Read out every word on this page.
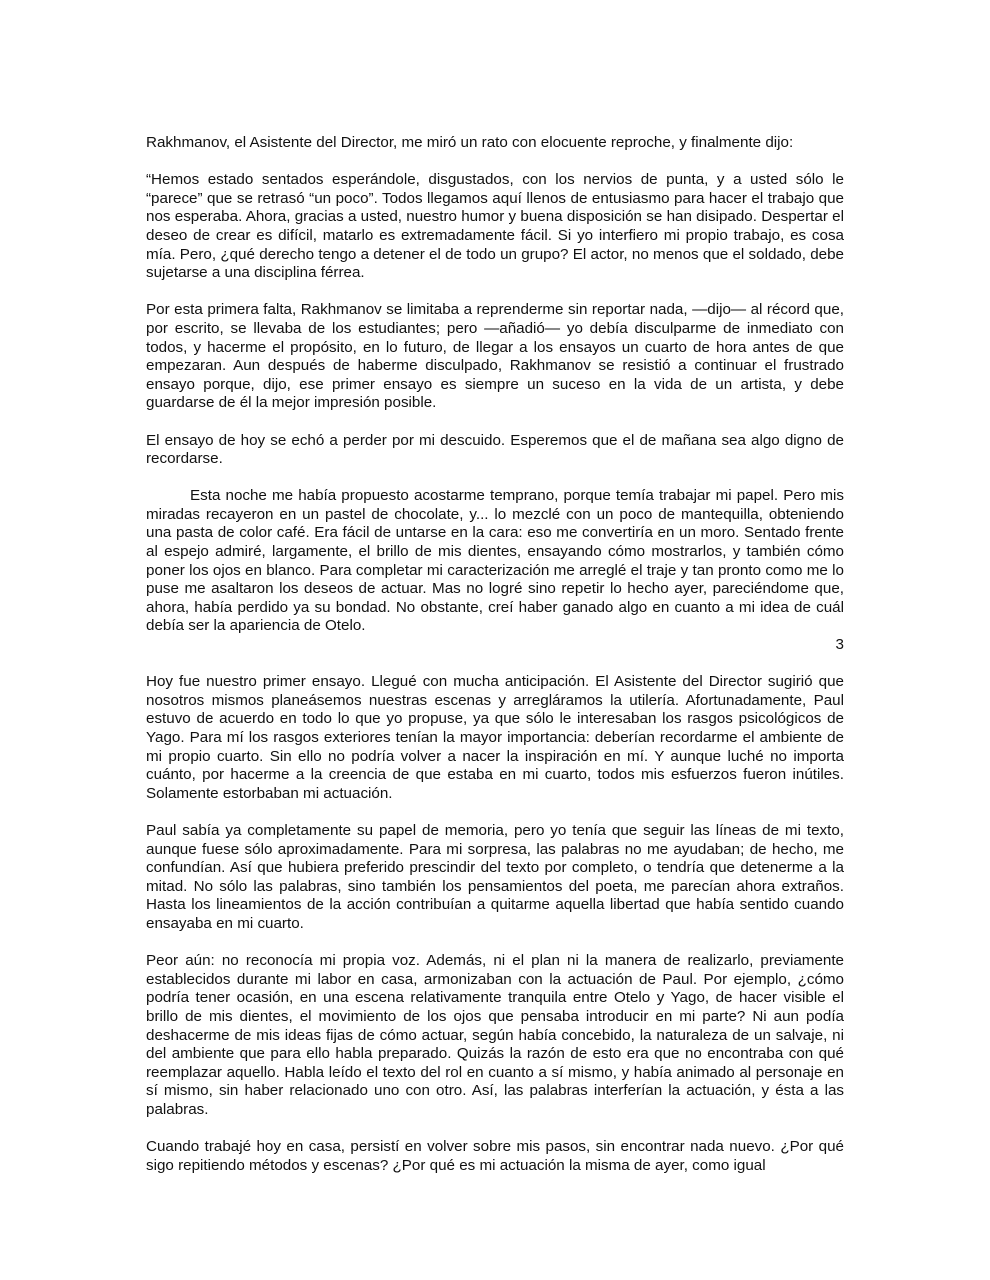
Rakhmanov, el Asistente del Director, me miró un rato con elocuente reproche, y finalmente dijo:

“Hemos estado sentados esperándole, disgustados, con los nervios de punta, y a usted sólo le “parece” que se retrasó “un poco”. Todos llegamos aquí llenos de entusiasmo para hacer el trabajo que nos esperaba. Ahora, gracias a usted, nuestro humor y buena disposición se han disipado. Despertar el deseo de crear es difícil, matarlo es extremadamente fácil. Si yo interfiero mi propio trabajo, es cosa mía. Pero, ¿qué derecho tengo a detener el de todo un grupo? El actor, no menos que el soldado, debe sujetarse a una disciplina férrea.

Por esta primera falta, Rakhmanov se limitaba a reprenderme sin reportar nada, —dijo— al récord que, por escrito, se llevaba de los estudiantes; pero —añadió— yo debía disculparme de inmediato con todos, y hacerme el propósito, en lo futuro, de llegar a los ensayos un cuarto de hora antes de que empezaran. Aun después de haberme disculpado, Rakhmanov se resistió a continuar el frustrado ensayo porque, dijo, ese primer ensayo es siempre un suceso en la vida de un artista, y debe guardarse de él la mejor impresión posible.

El ensayo de hoy se echó a perder por mi descuido. Esperemos que el de mañana sea algo digno de recordarse.

Esta noche me había propuesto acostarme temprano, porque temía trabajar mi papel. Pero mis miradas recayeron en un pastel de chocolate, y... lo mezclé con un poco de mantequilla, obteniendo una pasta de color café. Era fácil de untarse en la cara: eso me convertiría en un moro. Sentado frente al espejo admiré, largamente, el brillo de mis dientes, ensayando cómo mostrarlos, y también cómo poner los ojos en blanco. Para completar mi caracterización me arreglé el traje y tan pronto como me lo puse me asaltaron los deseos de actuar. Mas no logré sino repetir lo hecho ayer, pareciéndome que, ahora, había perdido ya su bondad. No obstante, creí haber ganado algo en cuanto a mi idea de cuál debía ser la apariencia de Otelo.

3

Hoy fue nuestro primer ensayo. Llegué con mucha anticipación. El Asistente del Director sugirió que nosotros mismos planeásemos nuestras escenas y arregláramos la utilería. Afortunadamente, Paul estuvo de acuerdo en todo lo que yo propuse, ya que sólo le interesaban los rasgos psicológicos de Yago. Para mí los rasgos exteriores tenían la mayor importancia: deberían recordarme el ambiente de mi propio cuarto. Sin ello no podría volver a nacer la inspiración en mí. Y aunque luché no importa cuánto, por hacerme a la creencia de que estaba en mi cuarto, todos mis esfuerzos fueron inútiles. Solamente estorbaban mi actuación.

Paul sabía ya completamente su papel de memoria, pero yo tenía que seguir las líneas de mi texto, aunque fuese sólo aproximadamente. Para mi sorpresa, las palabras no me ayudaban; de hecho, me confundían. Así que hubiera preferido prescindir del texto por completo, o tendría que detenerme a la mitad. No sólo las palabras, sino también los pensamientos del poeta, me parecían ahora extraños. Hasta los lineamientos de la acción contribuían a quitarme aquella libertad que había sentido cuando ensayaba en mi cuarto.

Peor aún: no reconocía mi propia voz. Además, ni el plan ni la manera de realizarlo, previamente establecidos durante mi labor en casa, armonizaban con la actuación de Paul. Por ejemplo, ¿cómo podría tener ocasión, en una escena relativamente tranquila entre Otelo y Yago, de hacer visible el brillo de mis dientes, el movimiento de los ojos que pensaba introducir en mi parte? Ni aun podía deshacerme de mis ideas fijas de cómo actuar, según había concebido, la naturaleza de un salvaje, ni del ambiente que para ello habla preparado. Quizás la razón de esto era que no encontraba con qué reemplazar aquello. Habla leído el texto del rol en cuanto a sí mismo, y había animado al personaje en sí mismo, sin haber relacionado uno con otro. Así, las palabras interferían la actuación, y ésta a las palabras.

Cuando trabajé hoy en casa, persistí en volver sobre mis pasos, sin encontrar nada nuevo. ¿Por qué sigo repitiendo métodos y escenas? ¿Por qué es mi actuación la misma de ayer, como igual
